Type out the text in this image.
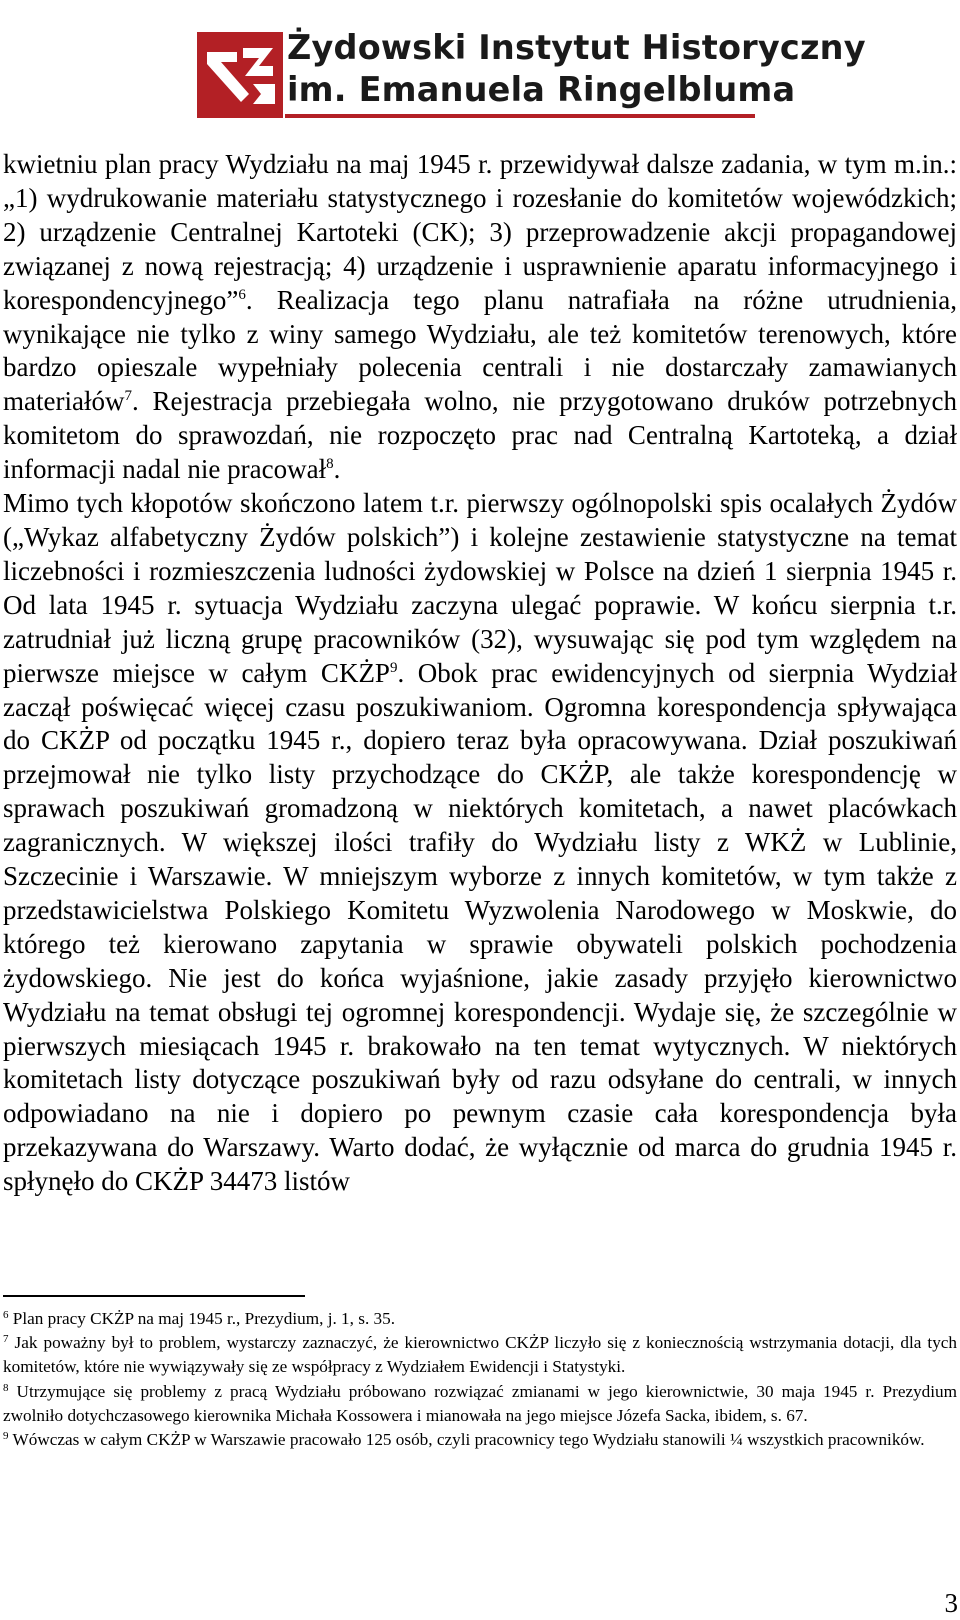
Żydowski Instytut Historyczny
im. Emanuela Ringelbluma

kwietniu plan pracy Wydziału na maj 1945 r. przewidywał dalsze zadania, w tym m.in.: „1) wydrukowanie materiału statystycznego i rozesłanie do komitetów wojewódzkich; 2) urządzenie Centralnej Kartoteki (CK); 3) przeprowadzenie akcji propagandowej związanej z nową rejestracją; 4) urządzenie i usprawnienie aparatu informacyjnego i korespondencyjnego”$^6$. Realizacja tego planu natrafiała na różne utrudnienia, wynikające nie tylko z winy samego Wydziału, ale też komitetów terenowych, które bardzo opieszale wypełniały polecenia centrali i nie dostarczały zamawianych materiałów$^7$. Rejestracja przebiegała wolno, nie przygotowano druków potrzebnych komitetom do sprawozdań, nie rozpoczęto prac nad Centralną Kartoteką, a dział informacji nadal nie pracował$^8$.

Mimo tych kłopotów skończono latem t.r. pierwszy ogólnopolski spis ocalałych Żydów („Wykaz alfabetyczny Żydów polskich”) i kolejne zestawienie statystyczne na temat liczebności i rozmieszczenia ludności żydowskiej w Polsce na dzień 1 sierpnia 1945 r. Od lata 1945 r. sytuacja Wydziału zaczyna ulegać poprawie. W końcu sierpnia t.r. zatrudniał już liczną grupę pracowników (32), wysuwając się pod tym względem na pierwsze miejsce w całym CKŻP$^9$. Obok prac ewidencyjnych od sierpnia Wydział zaczął poświęcać więcej czasu poszukiwaniom. Ogromna korespondencja spływająca do CKŻP od początku 1945 r., dopiero teraz była opracowywana. Dział poszukiwań przejmował nie tylko listy przychodzące do CKŻP, ale także korespondencję w sprawach poszukiwań gromadzoną w niektórych komitetach, a nawet placówkach zagranicznych. W większej ilości trafiły do Wydziału listy z WKŻ w Lublinie, Szczecinie i Warszawie. W mniejszym wyborze z innych komitetów, w tym także z przedstawicielstwa Polskiego Komitetu Wyzwolenia Narodowego w Moskwie, do którego też kierowano zapytania w sprawie obywateli polskich pochodzenia żydowskiego. Nie jest do końca wyjaśnione, jakie zasady przyjęło kierownictwo Wydziału na temat obsługi tej ogromnej korespondencji. Wydaje się, że szczególnie w pierwszych miesiącach 1945 r. brakowało na ten temat wytycznych. W niektórych komitetach listy dotyczące poszukiwań były od razu odsyłane do centrali, w innych odpowiadano na nie i dopiero po pewnym czasie cała korespondencja była przekazywana do Warszawy. Warto dodać, że wyłącznie od marca do grudnia 1945 r. spłynęło do CKŻP 34473 listów

$^6$ Plan pracy CKŻP na maj 1945 r., Prezydium, j. 1, s. 35.

$^7$ Jak poważny był to problem, wystarczy zaznaczyć, że kierownictwo CKŻP liczyło się z koniecznością wstrzymania dotacji, dla tych komitetów, które nie wywiązywały się ze współpracy z Wydziałem Ewidencji i Statystyki.

$^8$ Utrzymujące się problemy z pracą Wydziału próbowano rozwiązać zmianami w jego kierownictwie, 30 maja 1945 r. Prezydium zwolniło dotychczasowego kierownika Michała Kossowera i mianowała na jego miejsce Józefa Sacka, ibidem, s. 67.

$^9$ Wówczas w całym CKŻP w Warszawie pracowało 125 osób, czyli pracownicy tego Wydziału stanowili ¼ wszystkich pracowników.

3
